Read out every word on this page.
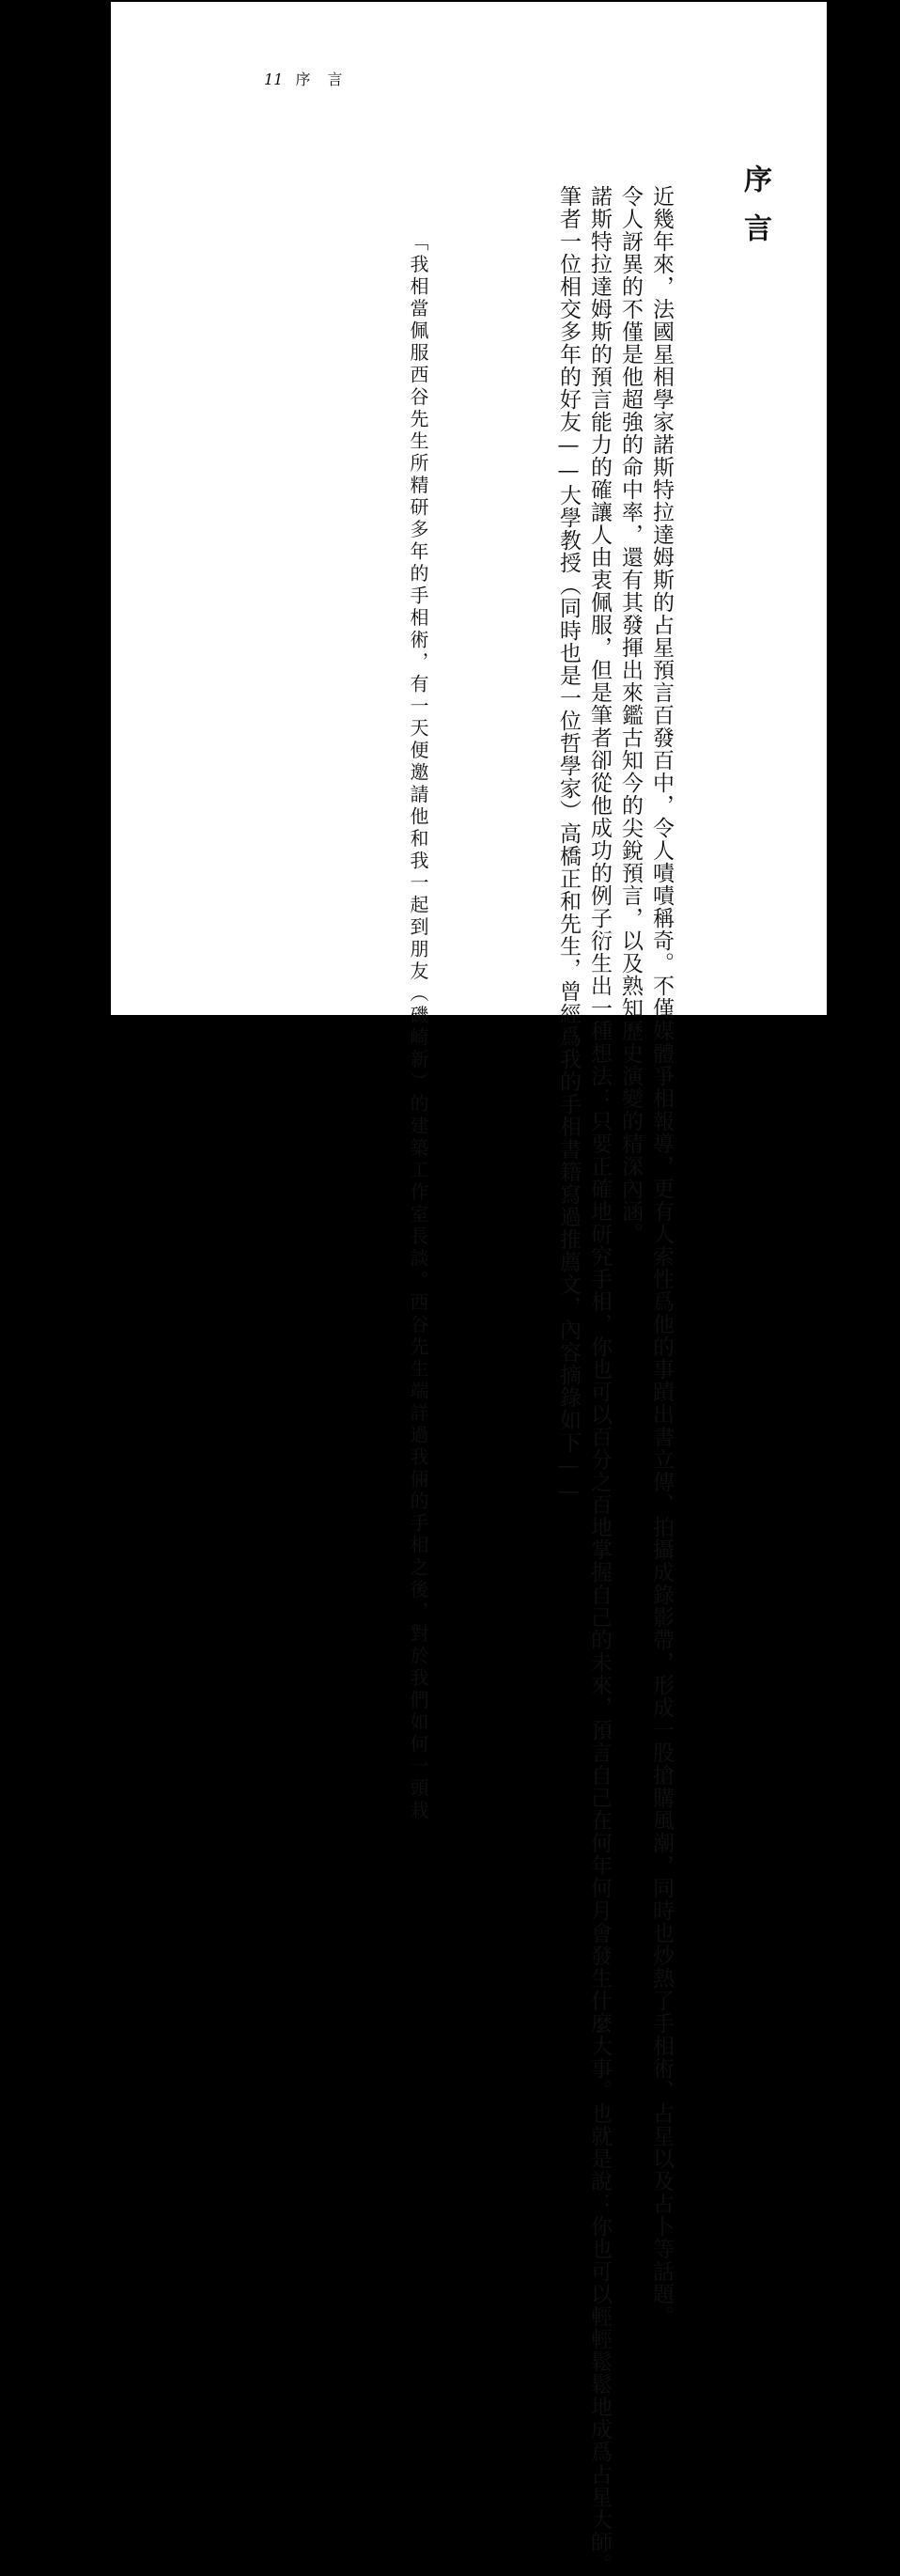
11 序言
序言

近幾年來，法國星相學家諾斯特拉達姆斯的占星預言百發百中，令人嘖嘖稱奇。不僅媒體爭相報導，更有人索性爲他的事蹟出書立傳、拍攝成錄影帶，形成一股搶購風潮，同時也炒熱了手相術、占星以及占卜等話題。

令人訝異的不僅是他超強的命中率，還有其發揮出來鑑古知今的尖銳預言，以及熟知歷史演變的精深內涵。

諾斯特拉達姆斯的預言能力的確讓人由衷佩服，但是筆者卻從他成功的例子衍生出一種想法：只要正確地研究手相，你也可以百分之百地掌握自己的未來，預言自己在何年何月會發生什麼大事。也就是說：你也可以輕輕鬆鬆地成爲占星大師。

筆者一位相交多年的好友——大學教授（同時也是一位哲學家）高橋正和先生，曾經爲我的手相書籍寫過推薦文，內容摘錄如下——

「我相當佩服西谷先生所精研多年的手相術，有一天便邀請他和我一起到朋友（磯崎新）的建築工作室長談。西谷先生端詳過我倆的手相之後，對於我們如何一頭栽
